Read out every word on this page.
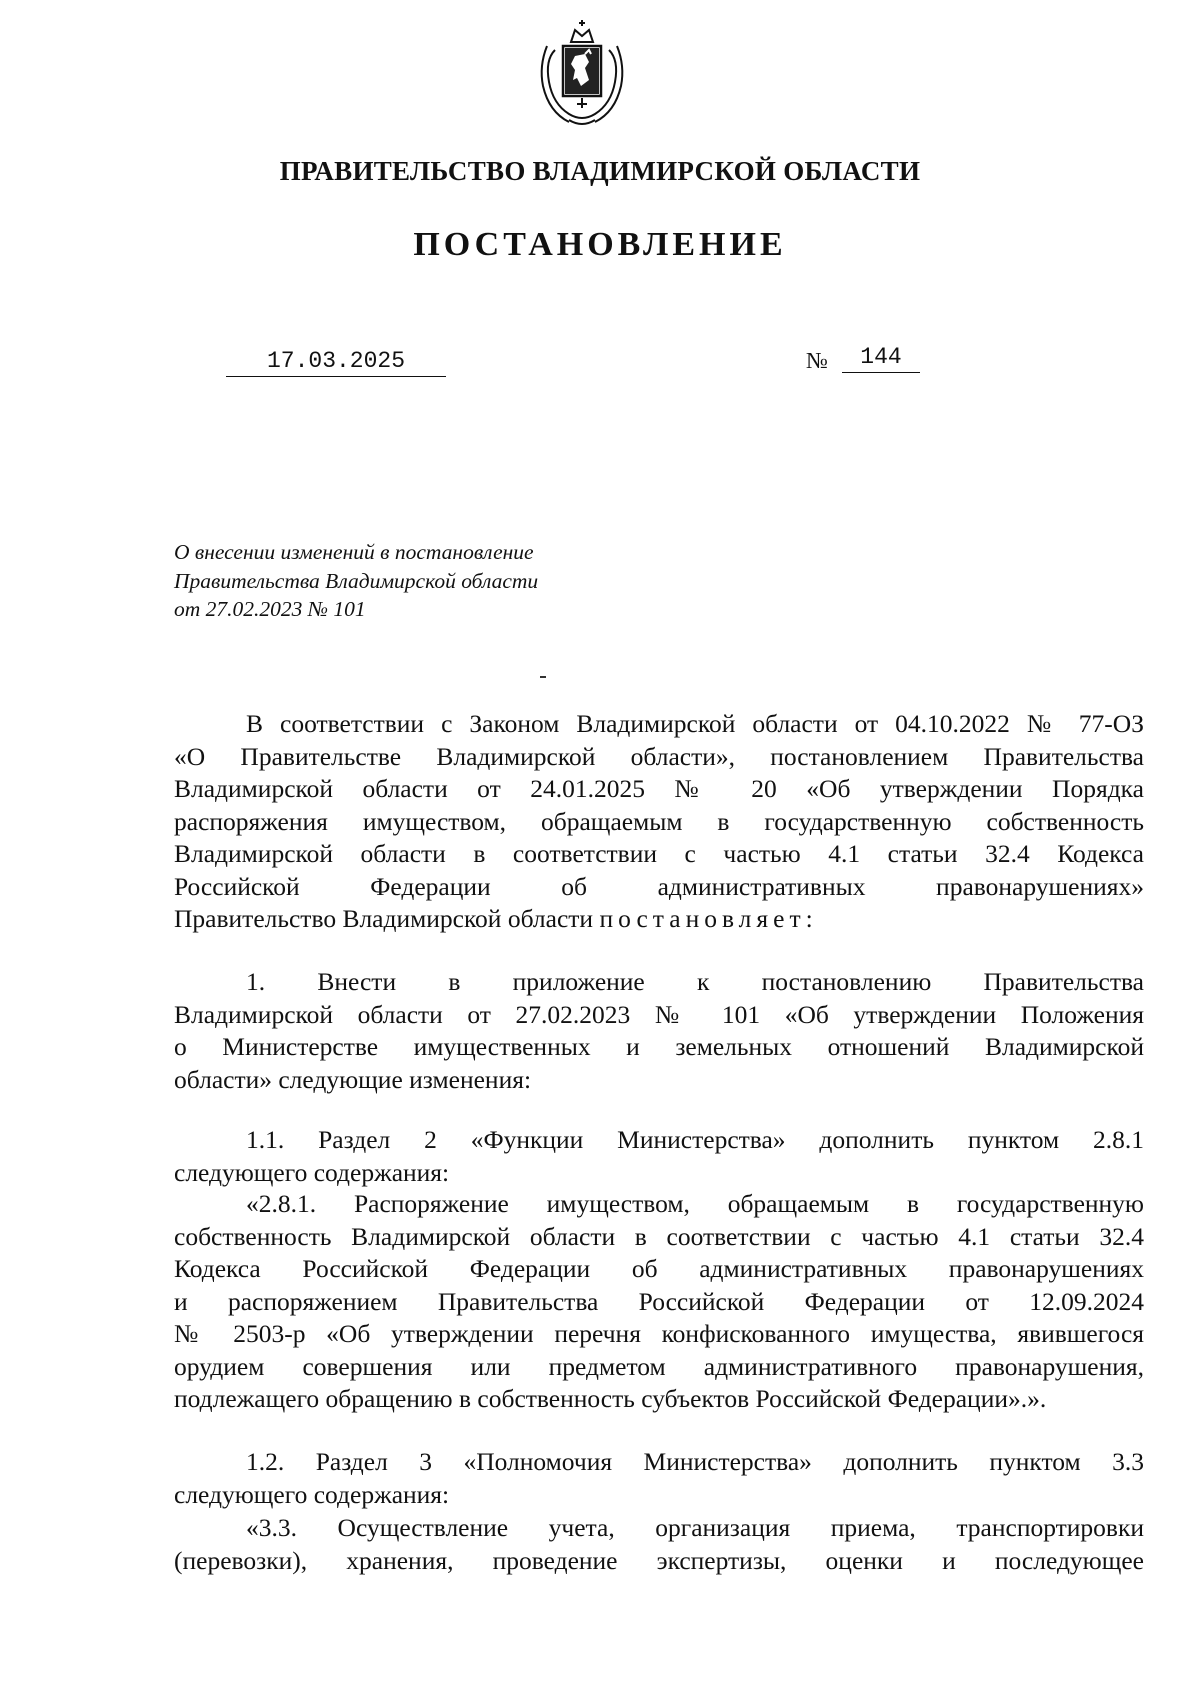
ПРАВИТЕЛЬСТВО ВЛАДИМИРСКОЙ ОБЛАСТИ
ПОСТАНОВЛЕНИЕ
17.03.2025	№	144
О внесении изменений в постановление
Правительства Владимирской области
от 27.02.2023 № 101

В соответствии с Законом Владимирской области от 04.10.2022 № 77-ОЗ

«О Правительстве Владимирской области», постановлением Правительства

Владимирской области от 24.01.2025 № 20 «Об утверждении Порядка

распоряжения имуществом, обращаемым в государственную собственность

Владимирской области в соответствии с частью 4.1 статьи 32.4 Кодекса

Российской Федерации об административных правонарушениях»

Правительство Владимирской области постановляет:

1. Внести в приложение к постановлению Правительства

Владимирской области от 27.02.2023 № 101 «Об утверждении Положения

о Министерстве имущественных и земельных отношений Владимирской

области» следующие изменения:

1.1. Раздел 2 «Функции Министерства» дополнить пунктом 2.8.1

следующего содержания:

«2.8.1. Распоряжение имуществом, обращаемым в государственную

собственность Владимирской области в соответствии с частью 4.1 статьи 32.4

Кодекса Российской Федерации об административных правонарушениях

и распоряжением Правительства Российской Федерации от 12.09.2024

№ 2503-р «Об утверждении перечня конфискованного имущества, явившегося

орудием совершения или предметом административного правонарушения,

подлежащего обращению в собственность субъектов Российской Федерации».».

1.2. Раздел 3 «Полномочия Министерства» дополнить пунктом 3.3

следующего содержания:

«3.3. Осуществление учета, организация приема, транспортировки

(перевозки), хранения, проведение экспертизы, оценки и последующее
